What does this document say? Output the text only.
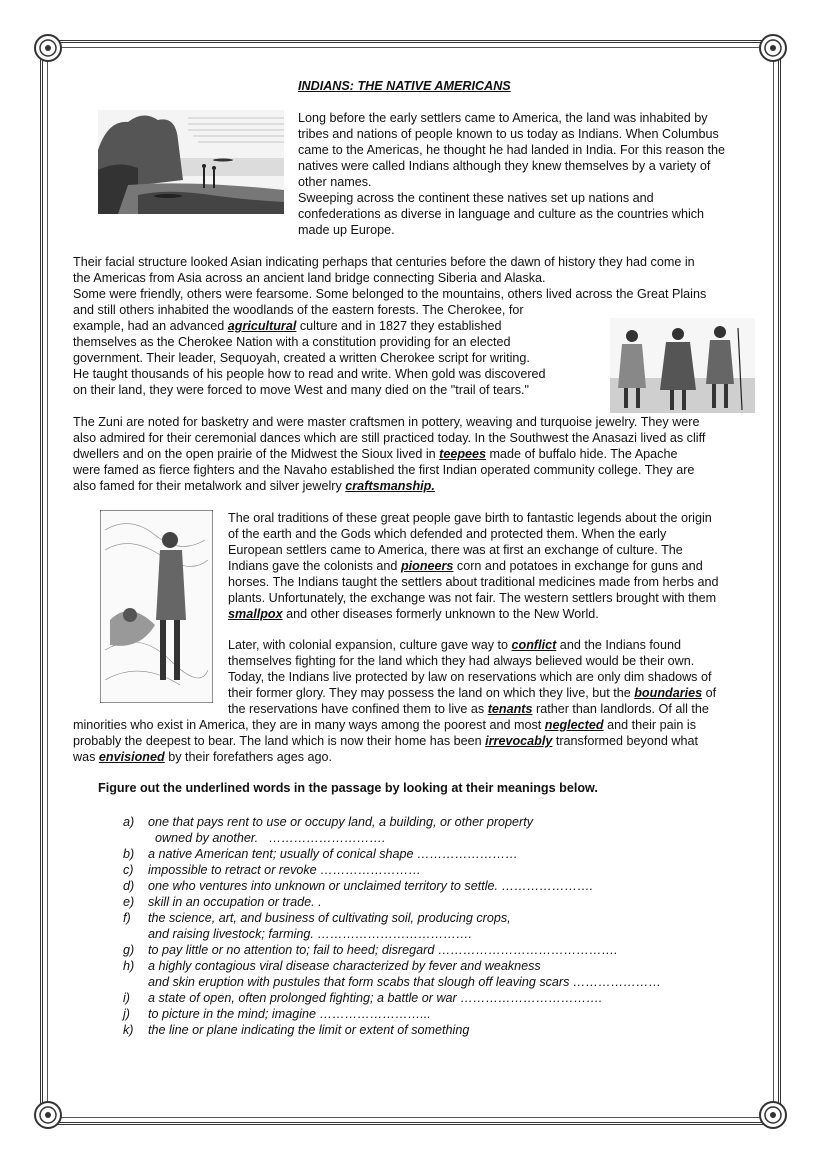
INDIANS: THE NATIVE AMERICANS
Long before the early settlers came to America, the land was inhabited by
tribes and nations of people known to us today as Indians. When Columbus
came to the Americas, he thought he had landed in India. For this reason the
natives were called Indians although they knew themselves by a variety of
other names.
Sweeping across the continent these natives set up nations and
confederations as diverse in language and culture as the countries which
made up Europe.
Their facial structure looked Asian indicating perhaps that centuries before the dawn of history they had come in
the Americas from Asia across an ancient land bridge connecting Siberia and Alaska.
Some were friendly, others were fearsome. Some belonged to the mountains, others lived across the Great Plains
and still others inhabited the woodlands of the eastern forests. The Cherokee, for
example, had an advanced agricultural culture and in 1827 they established
themselves as the Cherokee Nation with a constitution providing for an elected
government. Their leader, Sequoyah, created a written Cherokee script for writing.
He taught thousands of his people how to read and write. When gold was discovered
on their land, they were forced to move West and many died on the "trail of tears."
The Zuni are noted for basketry and were master craftsmen in pottery, weaving and turquoise jewelry. They were
also admired for their ceremonial dances which are still practiced today. In the Southwest the Anasazi lived as cliff
dwellers and on the open prairie of the Midwest the Sioux lived in teepees made of buffalo hide. The Apache
were famed as fierce fighters and the Navaho established the first Indian operated community college. They are
also famed for their metalwork and silver jewelry craftsmanship.
The oral traditions of these great people gave birth to fantastic legends about the origin
of the earth and the Gods which defended and protected them. When the early
European settlers came to America, there was at first an exchange of culture. The
Indians gave the colonists and pioneers corn and potatoes in exchange for guns and
horses. The Indians taught the settlers about traditional medicines made from herbs and
plants. Unfortunately, the exchange was not fair. The western settlers brought with them
smallpox and other diseases formerly unknown to the New World.
Later, with colonial expansion, culture gave way to conflict and the Indians found
themselves fighting for the land which they had always believed would be their own.
Today, the Indians live protected by law on reservations which are only dim shadows of
their former glory. They may possess the land on which they live, but the boundaries of
the reservations have confined them to live as tenants rather than landlords. Of all the
minorities who exist in America, they are in many ways among the poorest and most neglected and their pain is
probably the deepest to bear. The land which is now their home has been irrevocably transformed beyond what
was envisioned by their forefathers ages ago.
Figure out the underlined words in the passage by looking at their meanings below.
a)	one that pays rent to use or occupy land, a building, or other property
owned by another.   ……………………….
b)	a native American tent; usually of conical shape ……………………
c)	impossible to retract or revoke ……………………
d)	one who ventures into unknown or unclaimed territory to settle. ………………….
e)	skill in an occupation or trade. .
f)	the science, art, and business of cultivating soil, producing crops,
and raising livestock; farming. ……………………………….
g)	to pay little or no attention to; fail to heed; disregard …………………………………….
h)	a highly contagious viral disease characterized by fever and weakness
and skin eruption with pustules that form scabs that slough off leaving scars …………………
i)	a state of open, often prolonged fighting; a battle or war …………………………….
j)	to picture in the mind; imagine ……………………...
k)	the line or plane indicating the limit or extent of something
